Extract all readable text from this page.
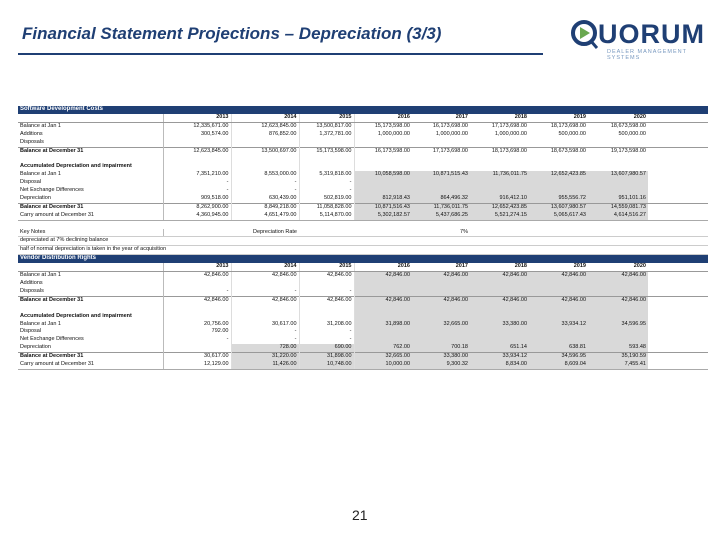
Financial Statement Projections – Depreciation (3/3)	UORUM
DEALER MANAGEMENT SYSTEMS
Software Development Costs									
	2013	2014	2015	2016	2017	2018	2019	2020	
Balance at Jan 1	12,335,671.00	12,623,845.00	13,500,817.00	15,173,598.00	16,173,698.00	17,173,698.00	18,173,698.00	18,673,598.00	
Additions	300,574.00	876,852.00	1,372,781.00	1,000,000.00	1,000,000.00	1,000,000.00	500,000.00	500,000.00	
Disposals									
Balance at December 31	12,623,845.00	13,500,697.00	15,173,598.00	16,173,598.00	17,173,698.00	18,173,698.00	18,673,598.00	19,173,598.00	

Accumulated Depreciation and impairment									
Balance at Jan 1	7,351,210.00	8,553,000.00	5,319,818.00	10,058,598.00	10,871,515.43	11,736,011.75	12,652,423.85	13,607,980.57	
Disposal	-	-	-						
Net Exchange Differences	-	-	-						
Depreciation	909,518.00	630,439.00	502,819.00	812,918.43	864,496.32	916,412.10	955,556.72	951,101.16	
Balance at December 31	8,262,900.00	8,849,218.00	11,058,828.00	10,871,516.43	11,736,011.75	12,652,423.85	13,607,980.57	14,559,081.73	
Carry amount at December 31	4,360,945.00	4,651,479.00	5,114,870.00	5,302,182.57	5,437,686.25	5,521,274.15	5,065,617.43	4,614,516.27	

Key Notes	Depreciation Rate		7%						
depreciated at 7% declining balance									
half of normal depreciation is taken in the year of acquisition									
Vendor Distribution Rights									
	2013	2014	2015	2016	2017	2018	2019	2020	
Balance at Jan 1	42,846.00	42,846.00	42,846.00	42,846.00	42,846.00	42,846.00	42,846.00	42,846.00	
Additions									
Disposals	-	-	-						
Balance at December 31	42,846.00	42,846.00	42,846.00	42,846.00	42,846.00	42,846.00	42,846.00	42,846.00	

Accumulated Depreciation and impairment									
Balance at Jan 1	20,756.00	30,617.00	31,208.00	31,898.00	32,665.00	33,380.00	33,934.12	34,596.95	
Disposal	792.00	-	-						
Net Exchange Differences	-	-	-						
Depreciation		728.00	690.00	762.00	700.18	651.14	638.81	593.48	
Balance at December 31	30,617.00	31,220.00	31,898.00	32,665.00	33,380.00	33,934.12	34,596.95	35,190.59	
Carry amount at December 31	12,129.00	11,426.00	10,748.00	10,000.00	9,300.32	8,834.00	8,609.04	7,455.41	
21
